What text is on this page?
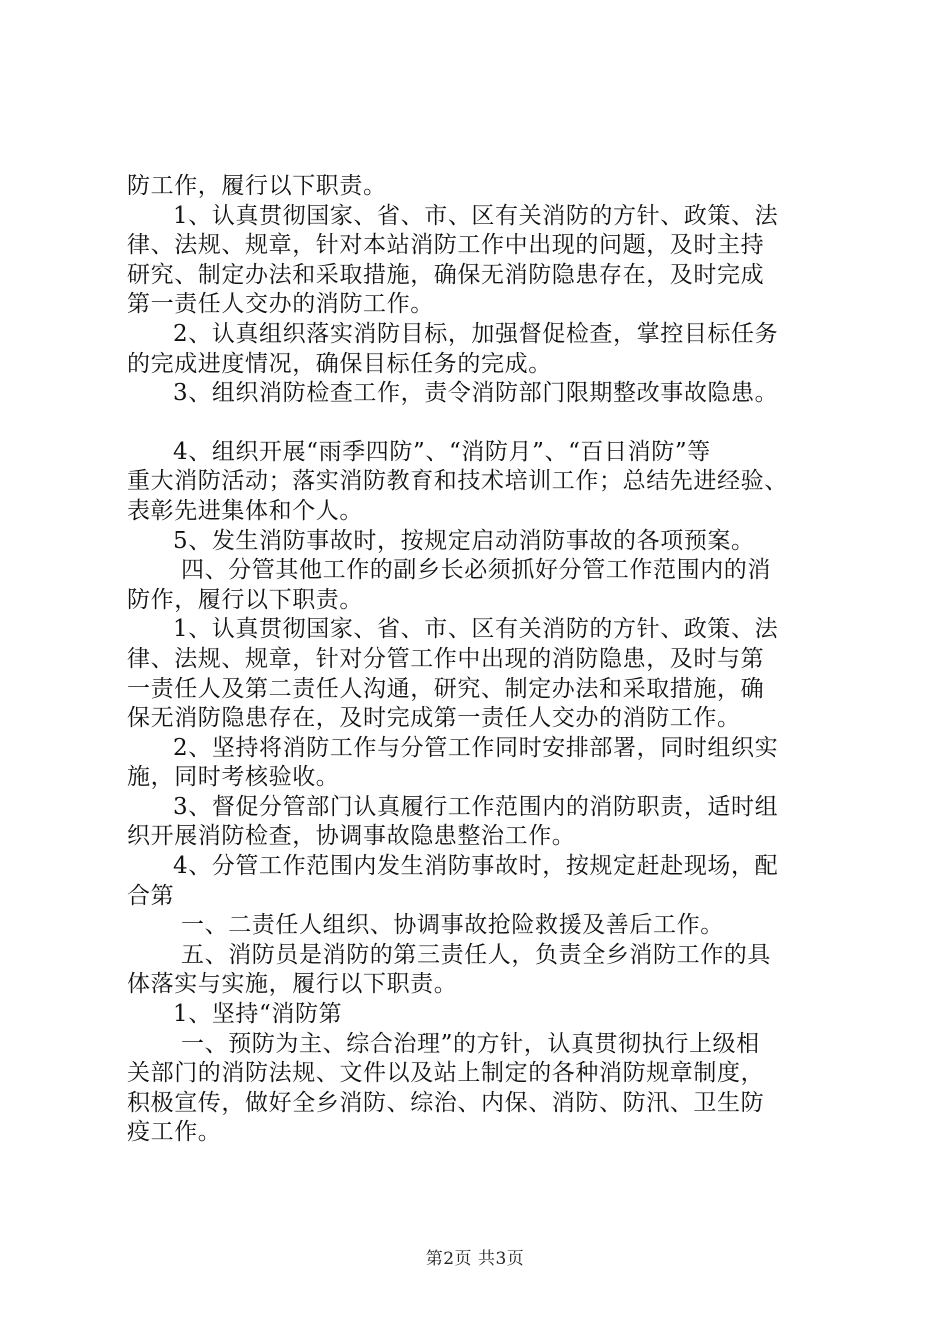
防工作，履行以下职责。
1、认真贯彻国家、省、市、区有关消防的方针、政策、法
律、法规、规章，针对本站消防工作中出现的问题，及时主持
研究、制定办法和采取措施，确保无消防隐患存在，及时完成
第一责任人交办的消防工作。
2、认真组织落实消防目标，加强督促检查，掌控目标任务
的完成进度情况，确保目标任务的完成。
3、组织消防检查工作，责令消防部门限期整改事故隐患。
4、组织开展“雨季四防”、“消防月”、“百日消防”等
重大消防活动；落实消防教育和技术培训工作；总结先进经验、
表彰先进集体和个人。
5、发生消防事故时，按规定启动消防事故的各项预案。
四、分管其他工作的副乡长必须抓好分管工作范围内的消
防作，履行以下职责。
1、认真贯彻国家、省、市、区有关消防的方针、政策、法
律、法规、规章，针对分管工作中出现的消防隐患，及时与第
一责任人及第二责任人沟通，研究、制定办法和采取措施，确
保无消防隐患存在，及时完成第一责任人交办的消防工作。
2、坚持将消防工作与分管工作同时安排部署，同时组织实
施，同时考核验收。
3、督促分管部门认真履行工作范围内的消防职责，适时组
织开展消防检查，协调事故隐患整治工作。
4、分管工作范围内发生消防事故时，按规定赶赴现场，配
合第
一、二责任人组织、协调事故抢险救援及善后工作。
五、消防员是消防的第三责任人，负责全乡消防工作的具
体落实与实施，履行以下职责。
1、坚持“消防第
一、预防为主、综合治理”的方针，认真贯彻执行上级相
关部门的消防法规、文件以及站上制定的各种消防规章制度，
积极宣传，做好全乡消防、综治、内保、消防、防汛、卫生防
疫工作。
第2页 共3页
